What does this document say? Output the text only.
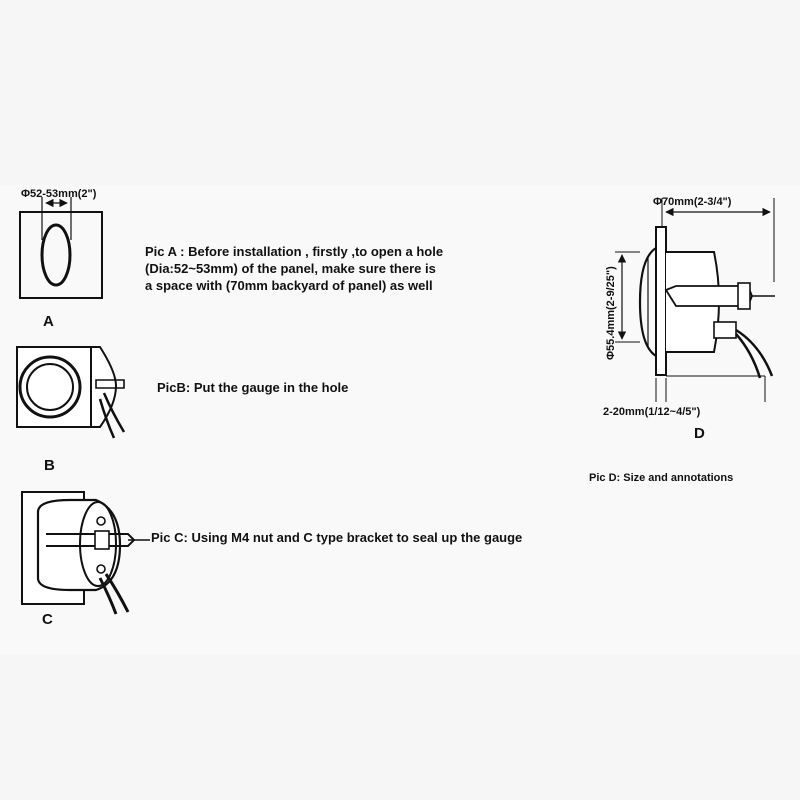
Φ52-53mm(2")
A
Pic A : Before installation , firstly ,to open a hole
(Dia:52~53mm) of the panel, make sure there is
a space with (70mm backyard of panel) as well
B
PicB: Put the gauge in the hole
C
Pic C: Using M4 nut and C type bracket to seal up the gauge
Φ70mm(2-3/4")
Φ55.4mm(2-9/25")
2-20mm(1/12~4/5")
D
Pic D: Size and annotations
